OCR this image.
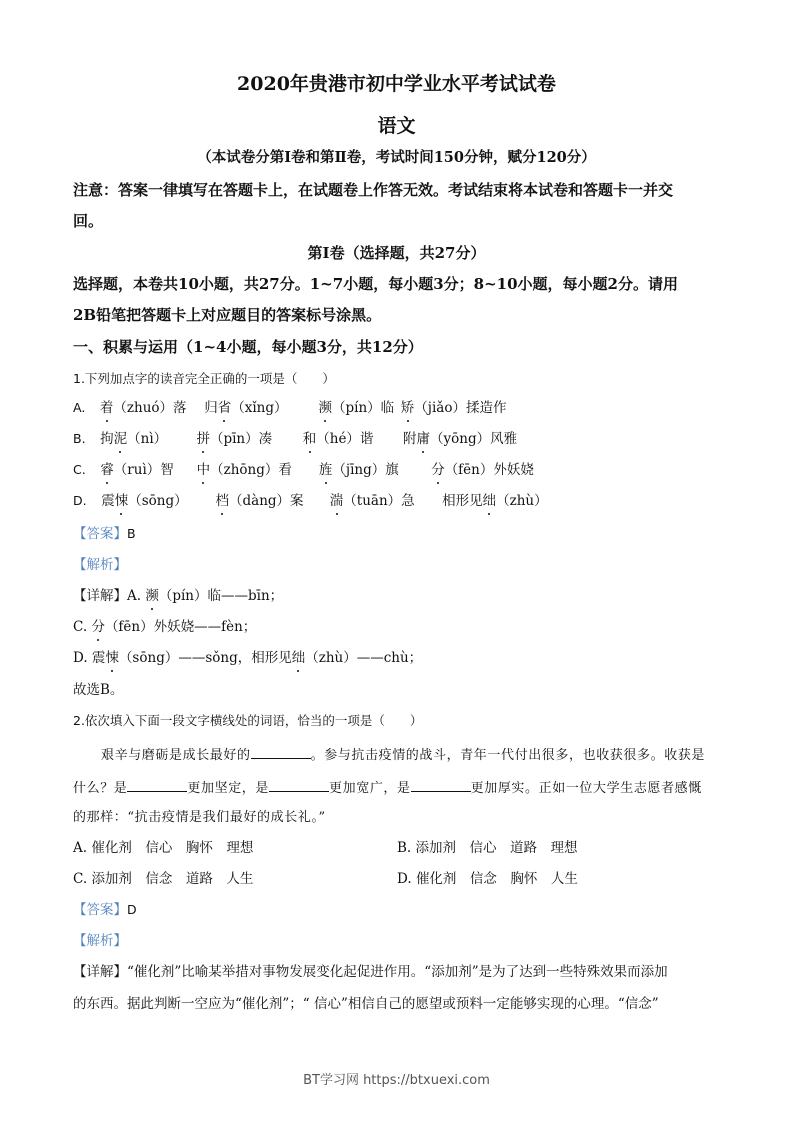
2020年贵港市初中学业水平考试试卷
语文
（本试卷分第Ⅰ卷和第Ⅱ卷，考试时间150分钟，赋分120分）
注意：答案一律填写在答题卡上，在试题卷上作答无效。考试结束将本试卷和答题卡一并交
回。
第Ⅰ卷（选择题，共27分）
选择题，本卷共10小题，共27分。1~7小题，每小题3分；8~10小题，每小题2分。请用
2B铅笔把答题卡上对应题目的答案标号涂黑。
一、积累与运用（1~4小题，每小题3分，共12分）
1.下列加点字的读音完全正确的一项是（　　）
A. 着（zhuó）落 归省（xǐng） 濒（pín）临 矫（jiǎo）揉造作
B. 拘泥（nì） 拼（pīn）凑 和（hé）谐 附庸（yōng）风雅
C. 睿（ruì）智 中（zhōng）看 旌（jīng）旗 分（fēn）外妖娆
D. 震悚（sōng） 档（dàng）案 湍（tuān）急 相形见绌（zhù）
【答案】B
【解析】
【详解】A. 濒（pín）临——bīn；
C. 分（fēn）外妖娆——fèn；
D. 震悚（sōng）——sǒng，相形见绌（zhù）——chù；
故选B。
2.依次填入下面一段文字横线处的词语，恰当的一项是（　　）
艰辛与磨砺是成长最好的	。参与抗击疫情的战斗，青年一代付出很多，也收获很多。收获是
什么？是	更加坚定，是	更加宽广，是	更加厚实。正如一位大学生志愿者感慨
的那样：“抗击疫情是我们最好的成长礼。”
A. 催化剂　信心　胸怀　理想	B. 添加剂　信心　道路　理想
C. 添加剂　信念　道路　人生	D. 催化剂　信念　胸怀　人生
【答案】D
【解析】
【详解】“催化剂”比喻某举措对事物发展变化起促进作用。“添加剂”是为了达到一些特殊效果而添加
的东西。据此判断一空应为“催化剂”；“ 信心”相信自己的愿望或预料一定能够实现的心理。“信念”
BT学习网 https://btxuexi.com
